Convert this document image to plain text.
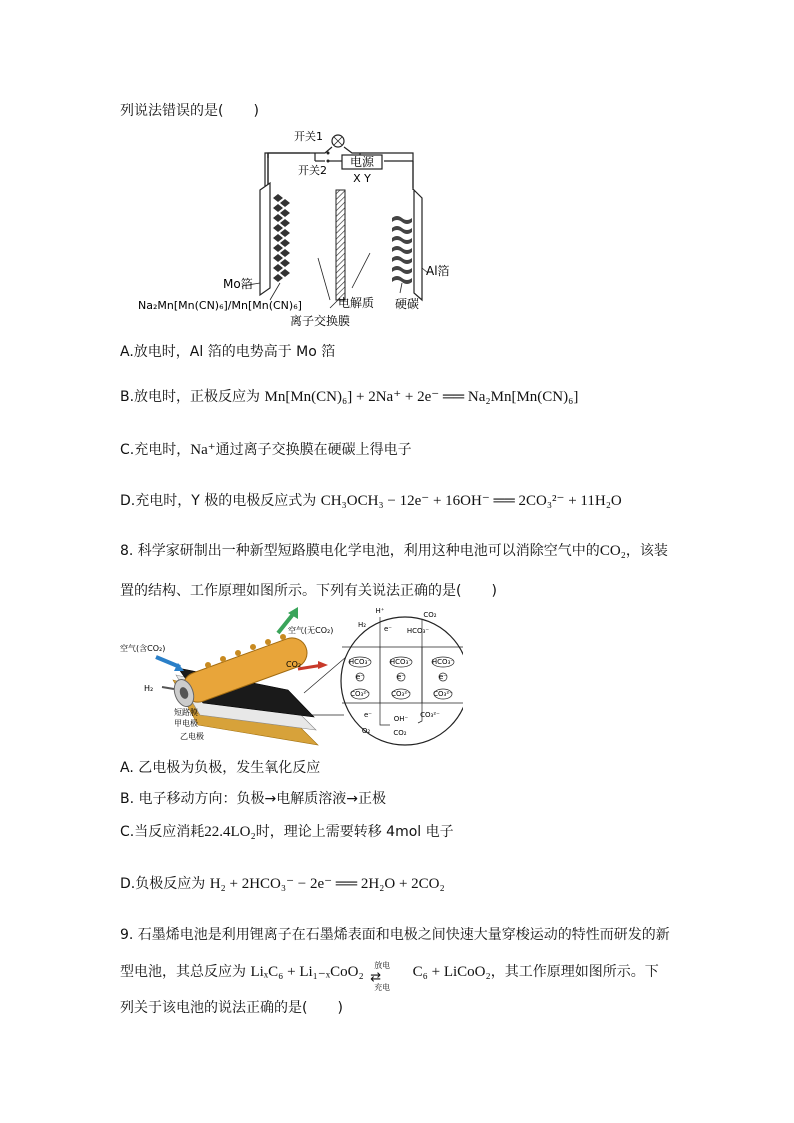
列说法错误的是( )
电源
X Y
开关1
开关2
Mo箔
Al箔
Na₂Mn[Mn(CN)₆]/Mn[Mn(CN)₆]	电解质 硬碳
离子交换膜
A.放电时，Al 箔的电势高于 Mo 箔
B.放电时，正极反应为 Mn[Mn(CN)₆] + 2Na⁺ + 2e⁻ ══ Na₂Mn[Mn(CN)₆]
C.充电时，Na⁺通过离子交换膜在硬碳上得电子
D.充电时，Y 极的电极反应式为 CH₃OCH₃ − 12e⁻ + 16OH⁻ ══ 2CO₃²⁻ + 11H₂O
8. 科学家研制出一种新型短路膜电化学电池，利用这种电池可以消除空气中的CO₂，该装
置的结构、工作原理如图所示。下列有关说法正确的是( )
空气(含CO₂)
空气(无CO₂)
CO₂
H₂
短路膜
甲电极
乙电极
HCO₃⁻	HCO₃⁻	HCO₃⁻
e⁻	e⁻	e⁻
CO₃²⁻	CO₃²⁻	CO₃²⁻
H⁺
H₂	e⁻ HCO₃⁻
CO₂
e⁻
O₂
OH⁻
CO₂
CO₃²⁻
A. 乙电极为负极，发生氧化反应
B. 电子移动方向：负极→电解质溶液→正极
C.当反应消耗22.4LO₂时，理论上需要转移 4mol 电子
D.负极反应为 H₂ + 2HCO₃⁻ − 2e⁻ ══ 2H₂O + 2CO₂
9. 石墨烯电池是利用锂离子在石墨烯表面和电极之间快速大量穿梭运动的特性而研发的新
型电池，其总反应为 LiₓC₆ + Li₁₋ₓCoO₂ 放电
⇄
充电
C₆ + LiCoO₂，其工作原理如图所示。下
列关于该电池的说法正确的是( )
